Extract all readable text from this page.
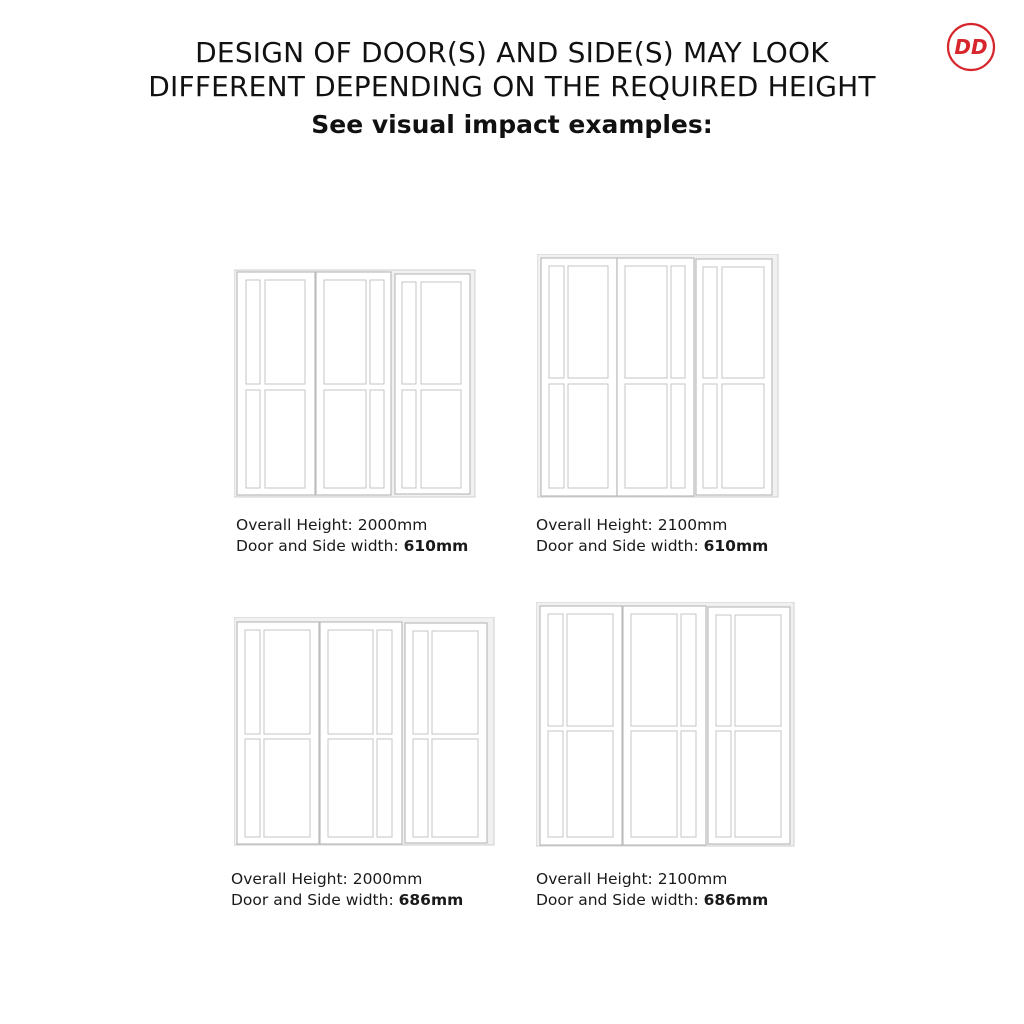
DESIGN OF DOOR(S) AND SIDE(S) MAY LOOK
DIFFERENT DEPENDING ON THE REQUIRED HEIGHT
See visual impact examples:
DD
Overall Height: 2000mm
Door and Side width: 610mm
Overall Height: 2100mm
Door and Side width: 610mm
Overall Height: 2000mm
Door and Side width: 686mm
Overall Height: 2100mm
Door and Side width: 686mm
